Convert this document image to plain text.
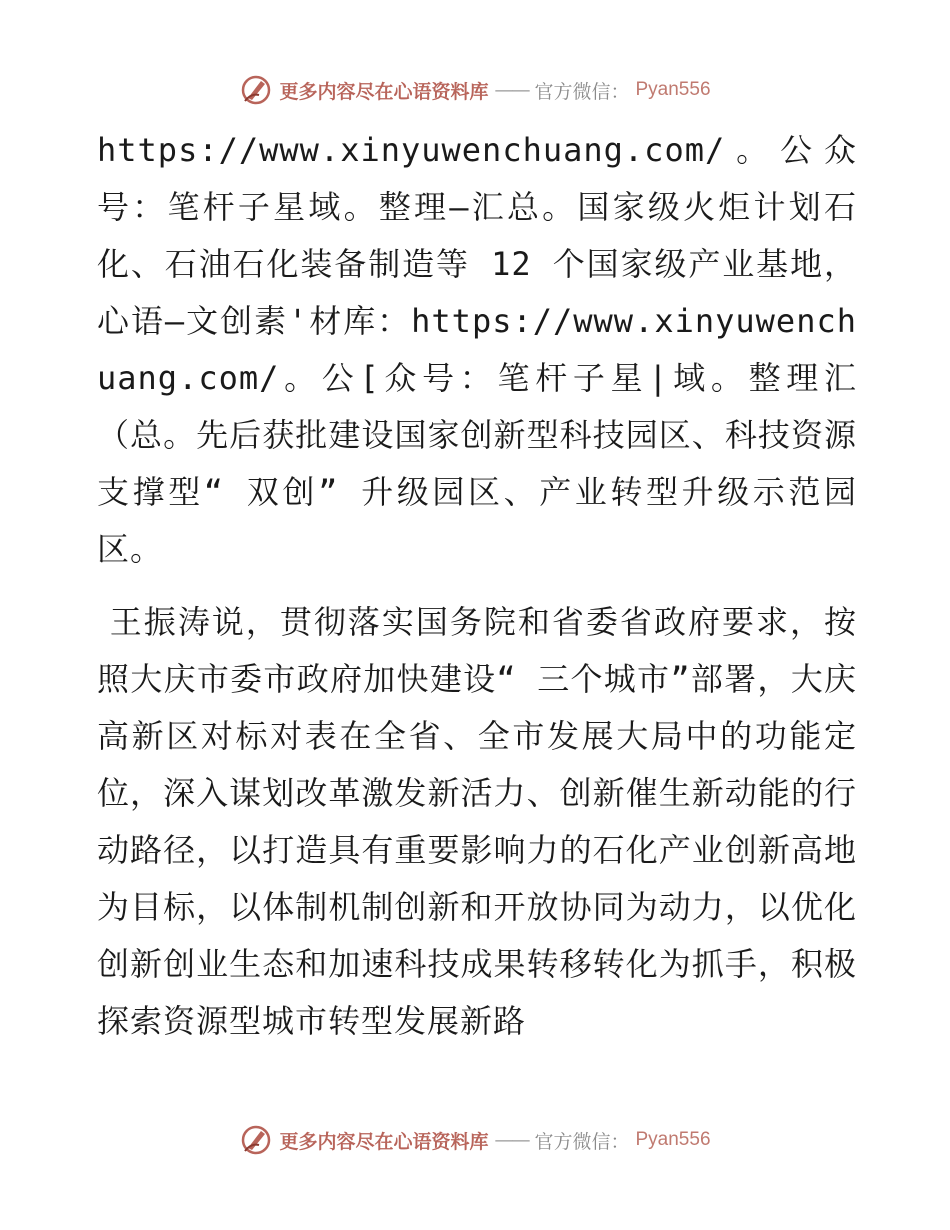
更多内容尽在心语资料库 —— 官方微信： Pyan556

https://www.xinyuwenchuang.com/。公众号：笔杆子星域。整理—汇总。国家级火炬计划石化、石油石化装备制造等 12 个国家级产业基地，心语—文创素'材库：https://www.xinyuwenchuang.com/。公[众号：笔杆子星|域。整理汇（总。先后获批建设国家创新型科技园区、科技资源支撑型“ 双创” 升级园区、产业转型升级示范园区。

王振涛说，贯彻落实国务院和省委省政府要求，按照大庆市委市政府加快建设“ 三个城市”部署，大庆高新区对标对表在全省、全市发展大局中的功能定位，深入谋划改革激发新活力、创新催生新动能的行动路径，以打造具有重要影响力的石化产业创新高地为目标，以体制机制创新和开放协同为动力，以优化创新创业生态和加速科技成果转移转化为抓手，积极探索资源型城市转型发展新路

更多内容尽在心语资料库 —— 官方微信： Pyan556
